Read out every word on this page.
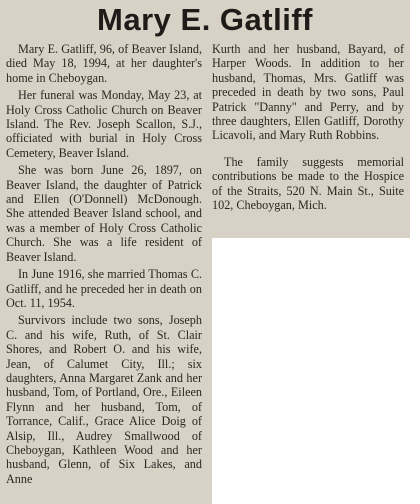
Mary E. Gatliff

Mary E. Gatliff, 96, of Beaver Island, died May 18, 1994, at her daughter's home in Cheboygan.

Her funeral was Monday, May 23, at Holy Cross Catholic Church on Beaver Island. The Rev. Joseph Scallon, S.J., officiated with burial in Holy Cross Cemetery, Beaver Island.

She was born June 26, 1897, on Beaver Island, the daughter of Patrick and Ellen (O'Donnell) McDonough. She attended Beaver Island school, and was a member of Holy Cross Catholic Church. She was a life resident of Beaver Island.

In June 1916, she married Thomas C. Gatliff, and he preceded her in death on Oct. 11, 1954.

Survivors include two sons, Joseph C. and his wife, Ruth, of St. Clair Shores, and Robert O. and his wife, Jean, of Calumet City, Ill.; six daughters, Anna Margaret Zank and her husband, Tom, of Portland, Ore., Eileen Flynn and her husband, Tom, of Torrance, Calif., Grace Alice Doig of Alsip, Ill., Audrey Smallwood of Cheboygan, Kathleen Wood and her husband, Glenn, of Six Lakes, and Anne

Kurth and her husband, Bayard, of Harper Woods. In addition to her husband, Thomas, Mrs. Gatliff was preceded in death by two sons, Paul Patrick "Danny" and Perry, and by three daughters, Ellen Gatliff, Dorothy Licavoli, and Mary Ruth Robbins.

The family suggests memorial contributions be made to the Hospice of the Straits, 520 N. Main St., Suite 102, Cheboygan, Mich.
